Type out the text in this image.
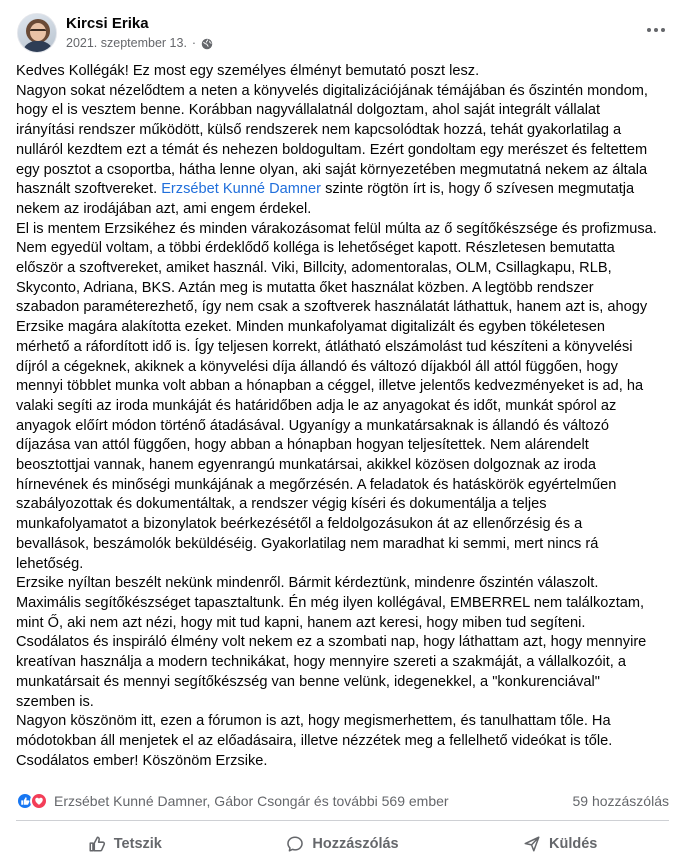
Kircsi Erika
2021. szeptember 13. ·

Kedves Kollégák! Ez most egy személyes élményt bemutató poszt lesz.

Nagyon sokat nézelődtem a neten a könyvelés digitalizációjának témájában és őszintén mondom,

hogy el is vesztem benne. Korábban nagyvállalatnál dolgoztam, ahol saját integrált vállalat

irányítási rendszer működött, külső rendszerek nem kapcsolódtak hozzá, tehát gyakorlatilag a

nulláról kezdtem ezt a témát és nehezen boldogultam. Ezért gondoltam egy merészet és feltettem

egy posztot a csoportba, hátha lenne olyan, aki saját környezetében megmutatná nekem az általa

használt szoftvereket. Erzsébet Kunné Damner szinte rögtön írt is, hogy ő szívesen megmutatja

nekem az irodájában azt, ami engem érdekel.

El is mentem Erzsikéhez és minden várakozásomat felül múlta az ő segítőkészsége és profizmusa.

Nem egyedül voltam, a többi érdeklődő kolléga is lehetőséget kapott. Részletesen bemutatta

először a szoftvereket, amiket használ. Viki, Billcity, adomentoralas, OLM, Csillagkapu, RLB,

Skyconto, Adriana, BKS. Aztán meg is mutatta őket használat közben. A legtöbb rendszer

szabadon paraméterezhető, így nem csak a szoftverek használatát láthattuk, hanem azt is, ahogy

Erzsike magára alakította ezeket. Minden munkafolyamat digitalizált és egyben tökéletesen

mérhető a ráfordított idő is. Így teljesen korrekt, átlátható elszámolást tud készíteni a könyvelési

díjról a cégeknek, akiknek a könyvelési díja állandó és változó díjakból áll attól függően, hogy

mennyi többlet munka volt abban a hónapban a céggel, illetve jelentős kedvezményeket is ad, ha

valaki segíti az iroda munkáját és határidőben adja le az anyagokat és időt, munkát spórol az

anyagok előírt módon történő átadásával. Ugyanígy a munkatársaknak is állandó és változó

díjazása van attól függően, hogy abban a hónapban hogyan teljesítettek. Nem alárendelt

beosztottjai vannak, hanem egyenrangú munkatársai, akikkel közösen dolgoznak az iroda

hírnevének és minőségi munkájának a megőrzésén. A feladatok és hatáskörök egyértelműen

szabályozottak és dokumentáltak, a rendszer végig kíséri és dokumentálja a teljes

munkafolyamatot a bizonylatok beérkezésétől a feldolgozásukon át az ellenőrzésig és a

bevallások, beszámolók beküldéséig. Gyakorlatilag nem maradhat ki semmi, mert nincs rá

lehetőség.

Erzsike nyíltan beszélt nekünk mindenről. Bármit kérdeztünk, mindenre őszintén válaszolt.

Maximális segítőkészséget tapasztaltunk. Én még ilyen kollégával, EMBERREL nem találkoztam,

mint Ő, aki nem azt nézi, hogy mit tud kapni, hanem azt keresi, hogy miben tud segíteni.

Csodálatos és inspiráló élmény volt nekem ez a szombati nap, hogy láthattam azt, hogy mennyire

kreatívan használja a modern technikákat, hogy mennyire szereti a szakmáját, a vállalkozóit, a

munkatársait és mennyi segítőkészség van benne velünk, idegenekkel, a "konkurenciával"

szemben is.

Nagyon köszönöm itt, ezen a fórumon is azt, hogy megismerhettem, és tanulhattam tőle. Ha

módotokban áll menjetek el az előadásaira, illetve nézzétek meg a fellelhető videókat is tőle.

Csodálatos ember! Köszönöm Erzsike.

Erzsébet Kunné Damner, Gábor Csongár és további 569 ember	59 hozzászólás
Tetszik	Hozzászólás	Küldés
